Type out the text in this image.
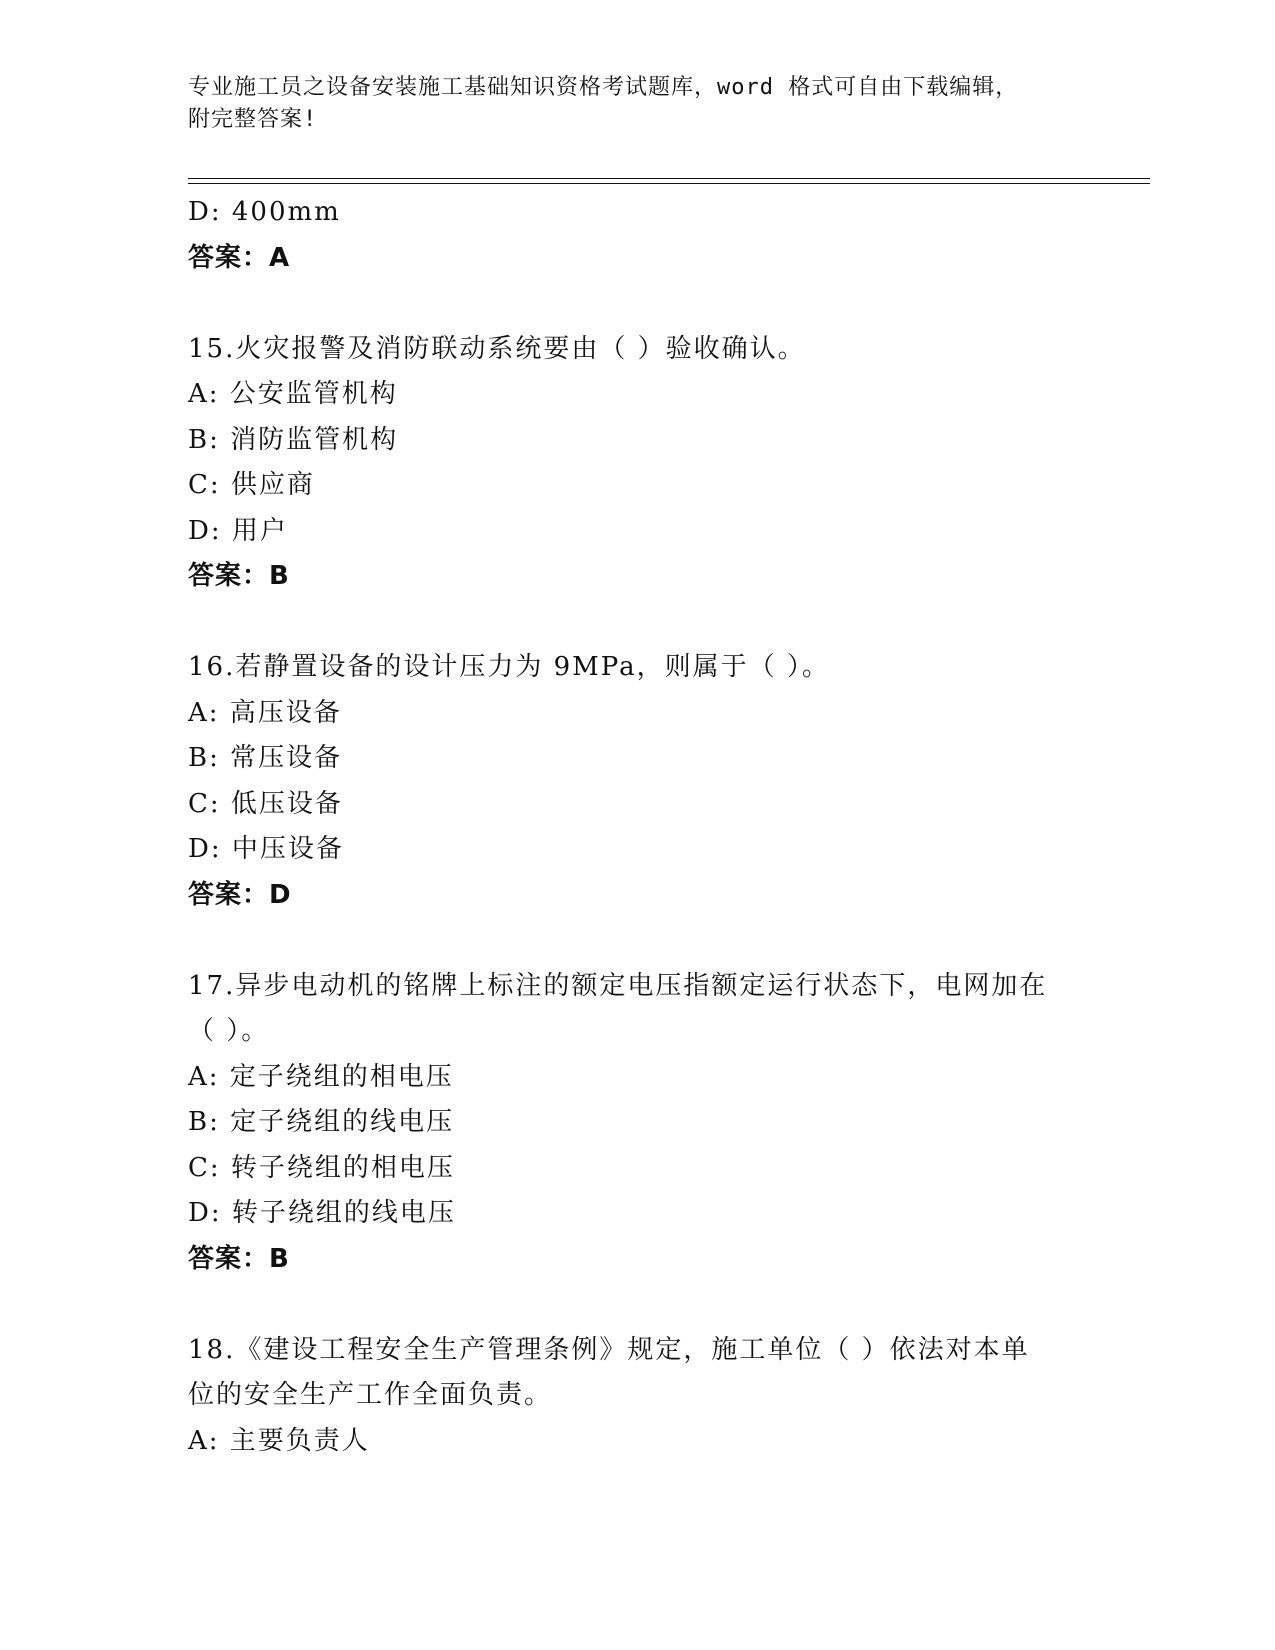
专业施工员之设备安装施工基础知识资格考试题库，word 格式可自由下载编辑，
附完整答案!
D: 400mm
答案：A
15.火灾报警及消防联动系统要由（ ）验收确认。
A: 公安监管机构
B: 消防监管机构
C: 供应商
D: 用户
答案：B
16.若静置设备的设计压力为 9MPa，则属于（ ）。
A: 高压设备
B: 常压设备
C: 低压设备
D: 中压设备
答案：D
17.异步电动机的铭牌上标注的额定电压指额定运行状态下，电网加在
（ ）。
A: 定子绕组的相电压
B: 定子绕组的线电压
C: 转子绕组的相电压
D: 转子绕组的线电压
答案：B
18.《建设工程安全生产管理条例》规定，施工单位（ ）依法对本单
位的安全生产工作全面负责。
A: 主要负责人
